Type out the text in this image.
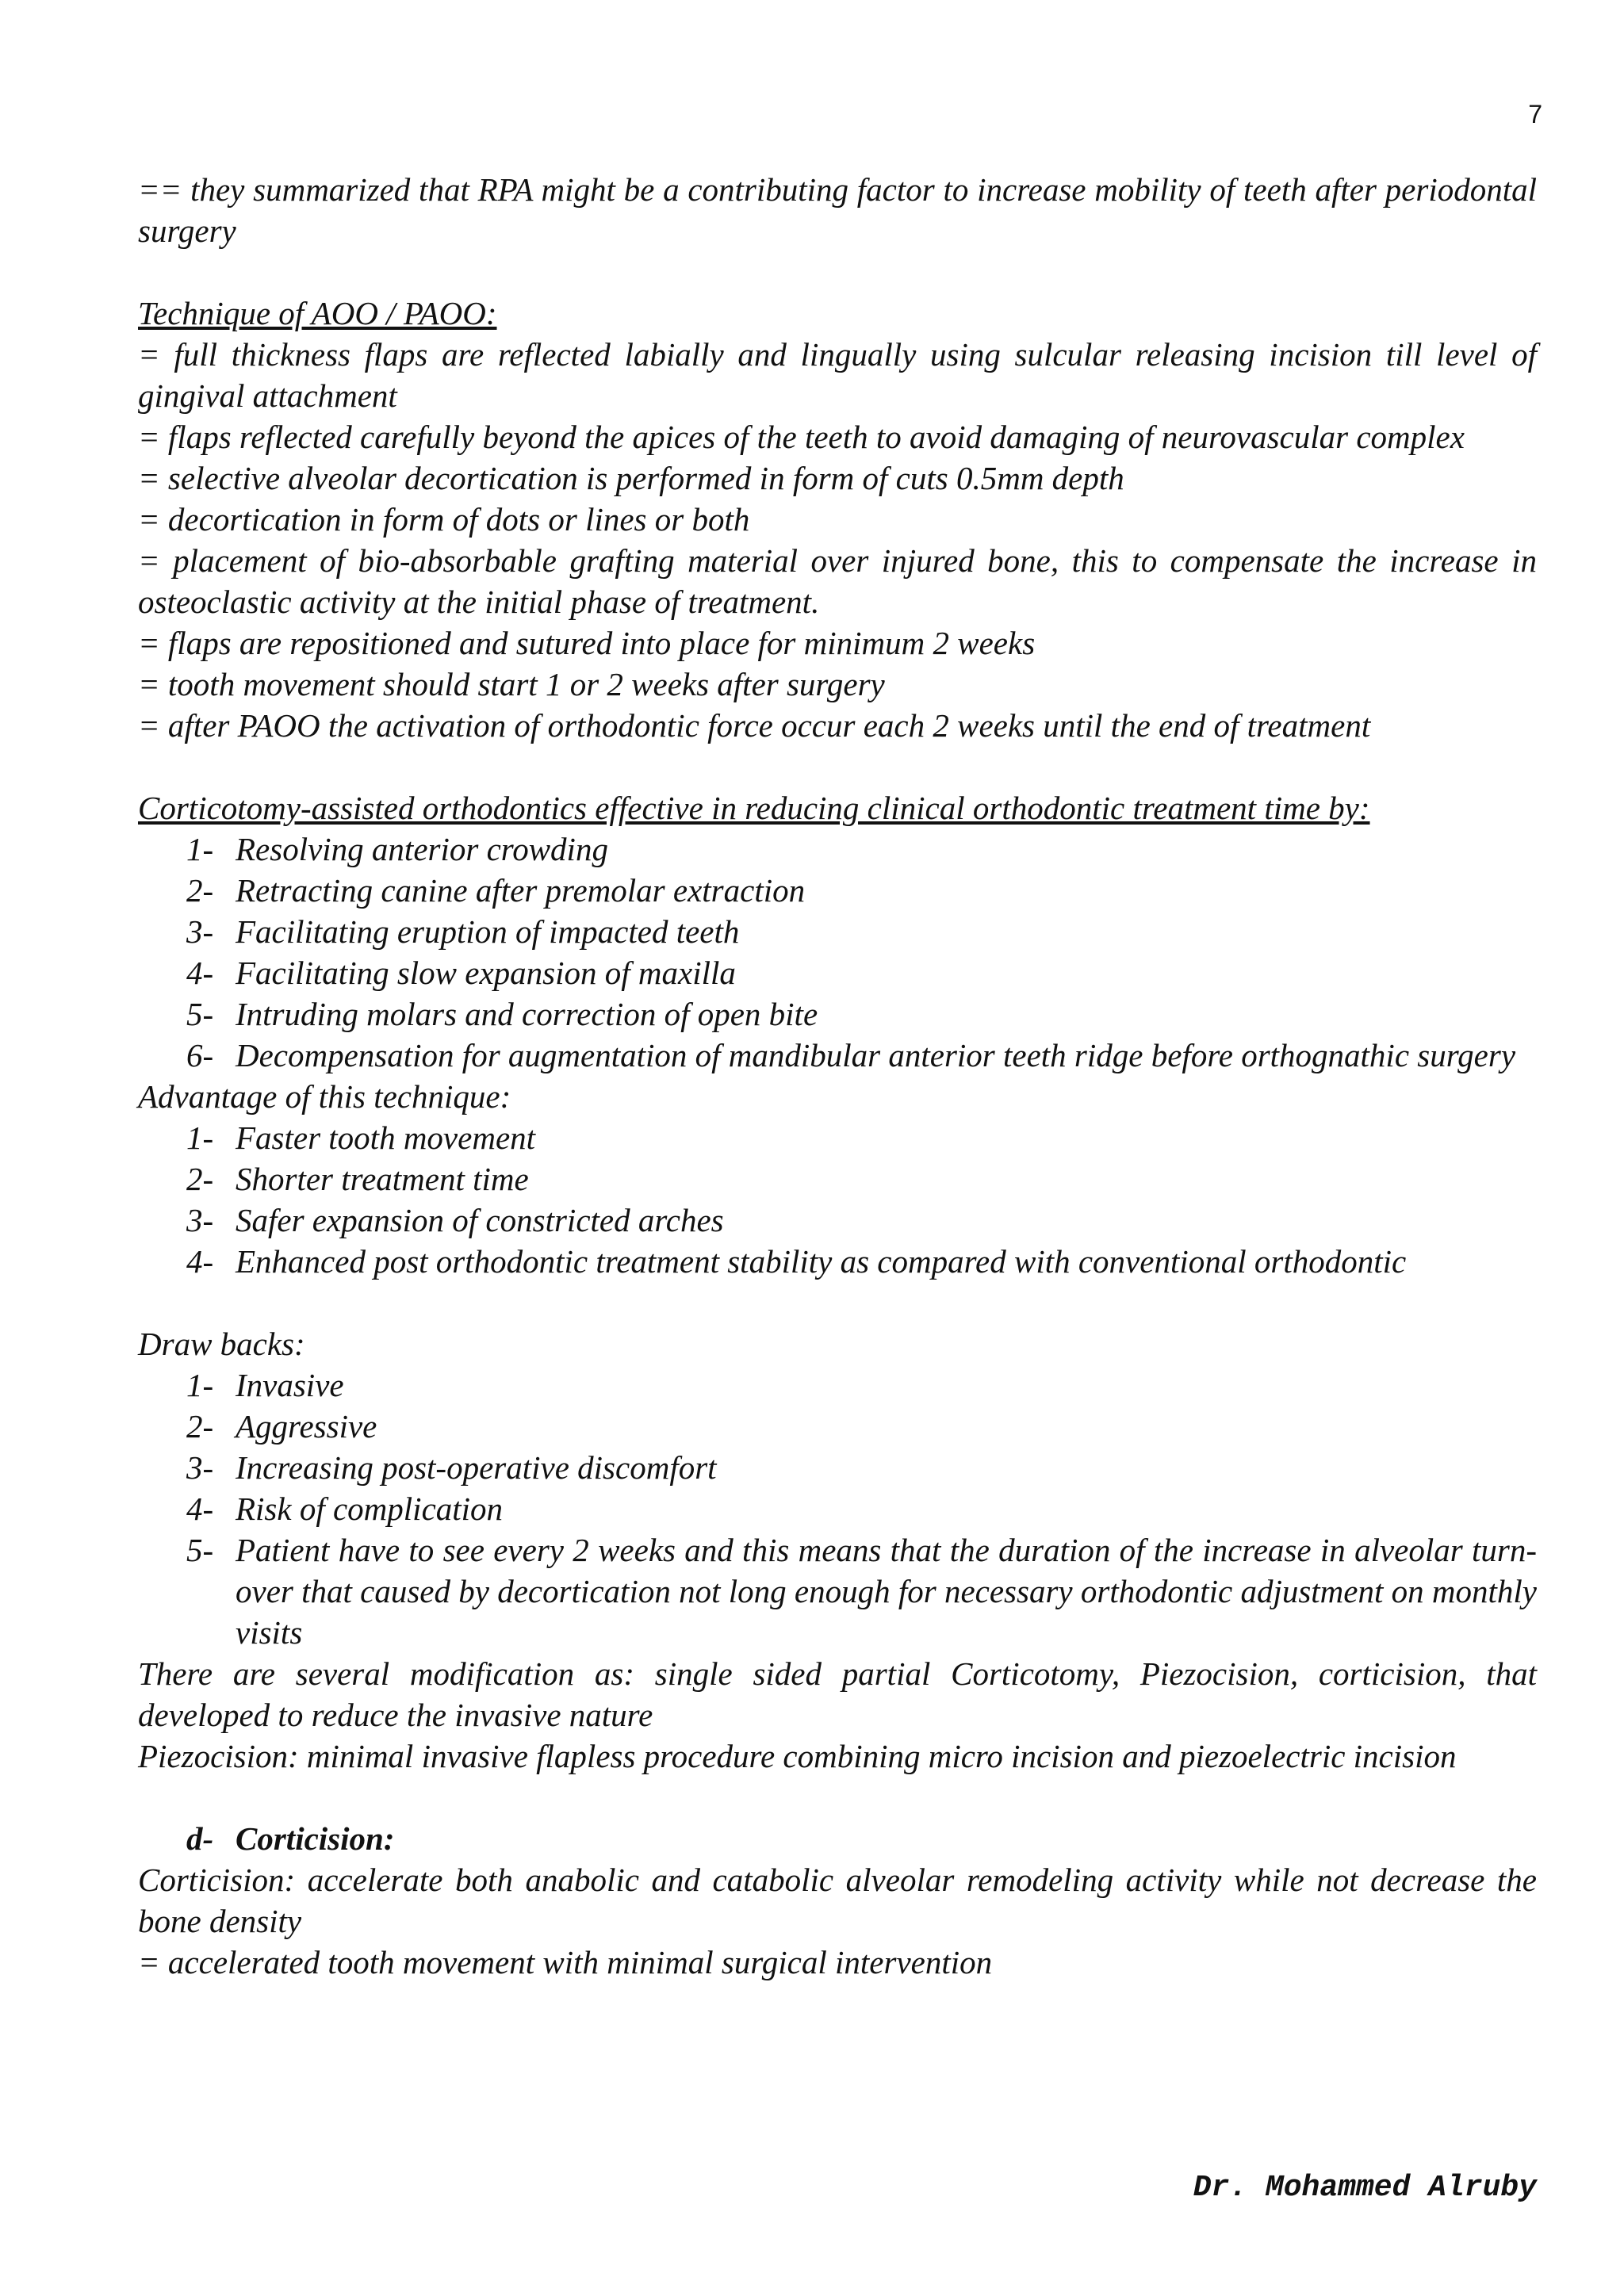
7

== they summarized that RPA might be a contributing factor to increase mobility of teeth after periodontal surgery

Technique of AOO / PAOO:

= full thickness flaps are reflected labially and lingually using sulcular releasing incision till level of gingival attachment

= flaps reflected carefully beyond the apices of the teeth to avoid damaging of neurovascular complex

= selective alveolar decortication is performed in form of cuts 0.5mm depth

= decortication in form of dots or lines or both

= placement of bio-absorbable grafting material over injured bone, this to compensate the increase in osteoclastic activity at the initial phase of treatment.

= flaps are repositioned and sutured into place for minimum 2 weeks

= tooth movement should start 1 or 2 weeks after surgery

= after PAOO the activation of orthodontic force occur each 2 weeks until the end of treatment

Corticotomy-assisted orthodontics effective in reducing clinical orthodontic treatment time by:

1- Resolving anterior crowding
2- Retracting canine after premolar extraction
3- Facilitating eruption of impacted teeth
4- Facilitating slow expansion of maxilla
5- Intruding molars and correction of open bite
6- Decompensation for augmentation of mandibular anterior teeth ridge before orthognathic surgery

Advantage of this technique:

1- Faster tooth movement
2- Shorter treatment time
3- Safer expansion of constricted arches
4- Enhanced post orthodontic treatment stability as compared with conventional orthodontic

Draw backs:

1- Invasive
2- Aggressive
3- Increasing post-operative discomfort
4- Risk of complication
5- Patient have to see every 2 weeks and this means that the duration of the increase in alveolar turn-over that caused by decortication not long enough for necessary orthodontic adjustment on monthly visits

There are several modification as: single sided partial Corticotomy, Piezocision, corticision, that developed to reduce the invasive nature

Piezocision: minimal invasive flapless procedure combining micro incision and piezoelectric incision

d- Corticision:

Corticision: accelerate both anabolic and catabolic alveolar remodeling activity while not decrease the bone density

= accelerated tooth movement with minimal surgical intervention

Dr. Mohammed Alruby
